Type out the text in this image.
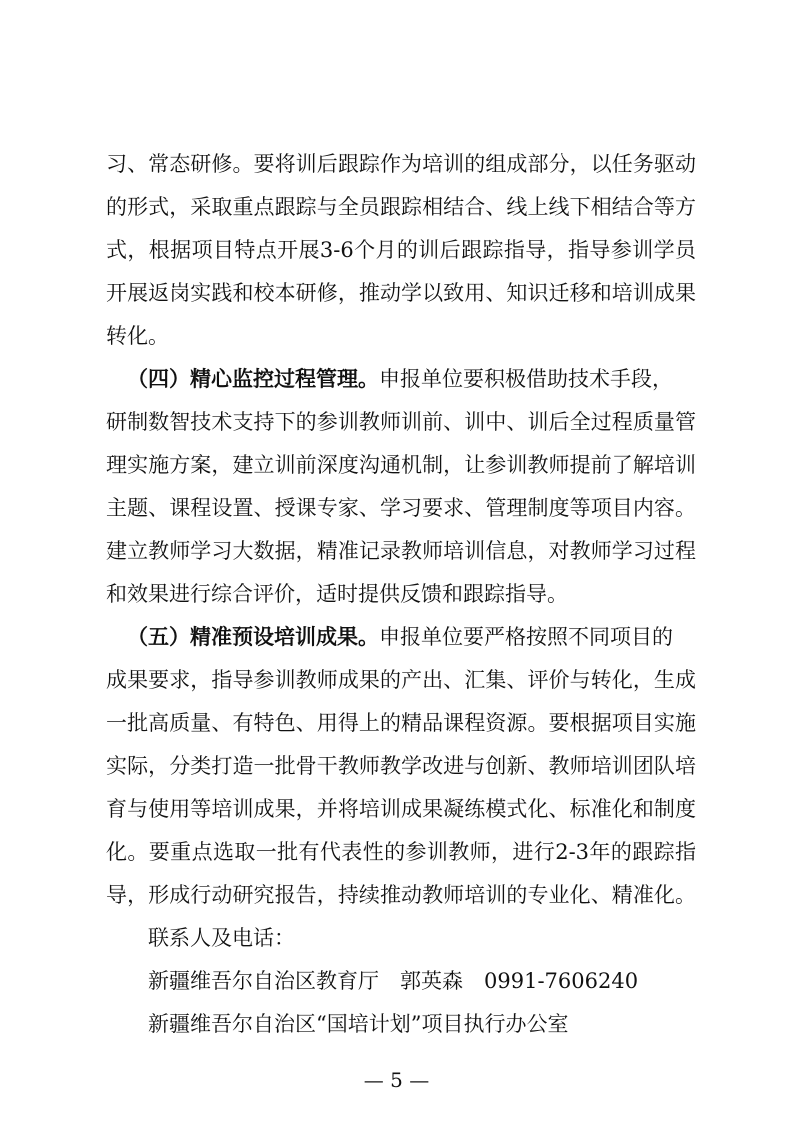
习、常态研修。要将训后跟踪作为培训的组成部分，以任务驱动
的形式，采取重点跟踪与全员跟踪相结合、线上线下相结合等方
式，根据项目特点开展3-6个月的训后跟踪指导，指导参训学员
开展返岗实践和校本研修，推动学以致用、知识迁移和培训成果
转化。
（四）精心监控过程管理。申报单位要积极借助技术手段，
研制数智技术支持下的参训教师训前、训中、训后全过程质量管
理实施方案，建立训前深度沟通机制，让参训教师提前了解培训
主题、课程设置、授课专家、学习要求、管理制度等项目内容。
建立教师学习大数据，精准记录教师培训信息，对教师学习过程
和效果进行综合评价，适时提供反馈和跟踪指导。
（五）精准预设培训成果。申报单位要严格按照不同项目的
成果要求，指导参训教师成果的产出、汇集、评价与转化，生成
一批高质量、有特色、用得上的精品课程资源。要根据项目实施
实际，分类打造一批骨干教师教学改进与创新、教师培训团队培
育与使用等培训成果，并将培训成果凝练模式化、标准化和制度
化。要重点选取一批有代表性的参训教师，进行2-3年的跟踪指
导，形成行动研究报告，持续推动教师培训的专业化、精准化。
联系人及电话：
新疆维吾尔自治区教育厅　郭英森　0991-7606240
新疆维吾尔自治区“国培计划”项目执行办公室
— 5 —
